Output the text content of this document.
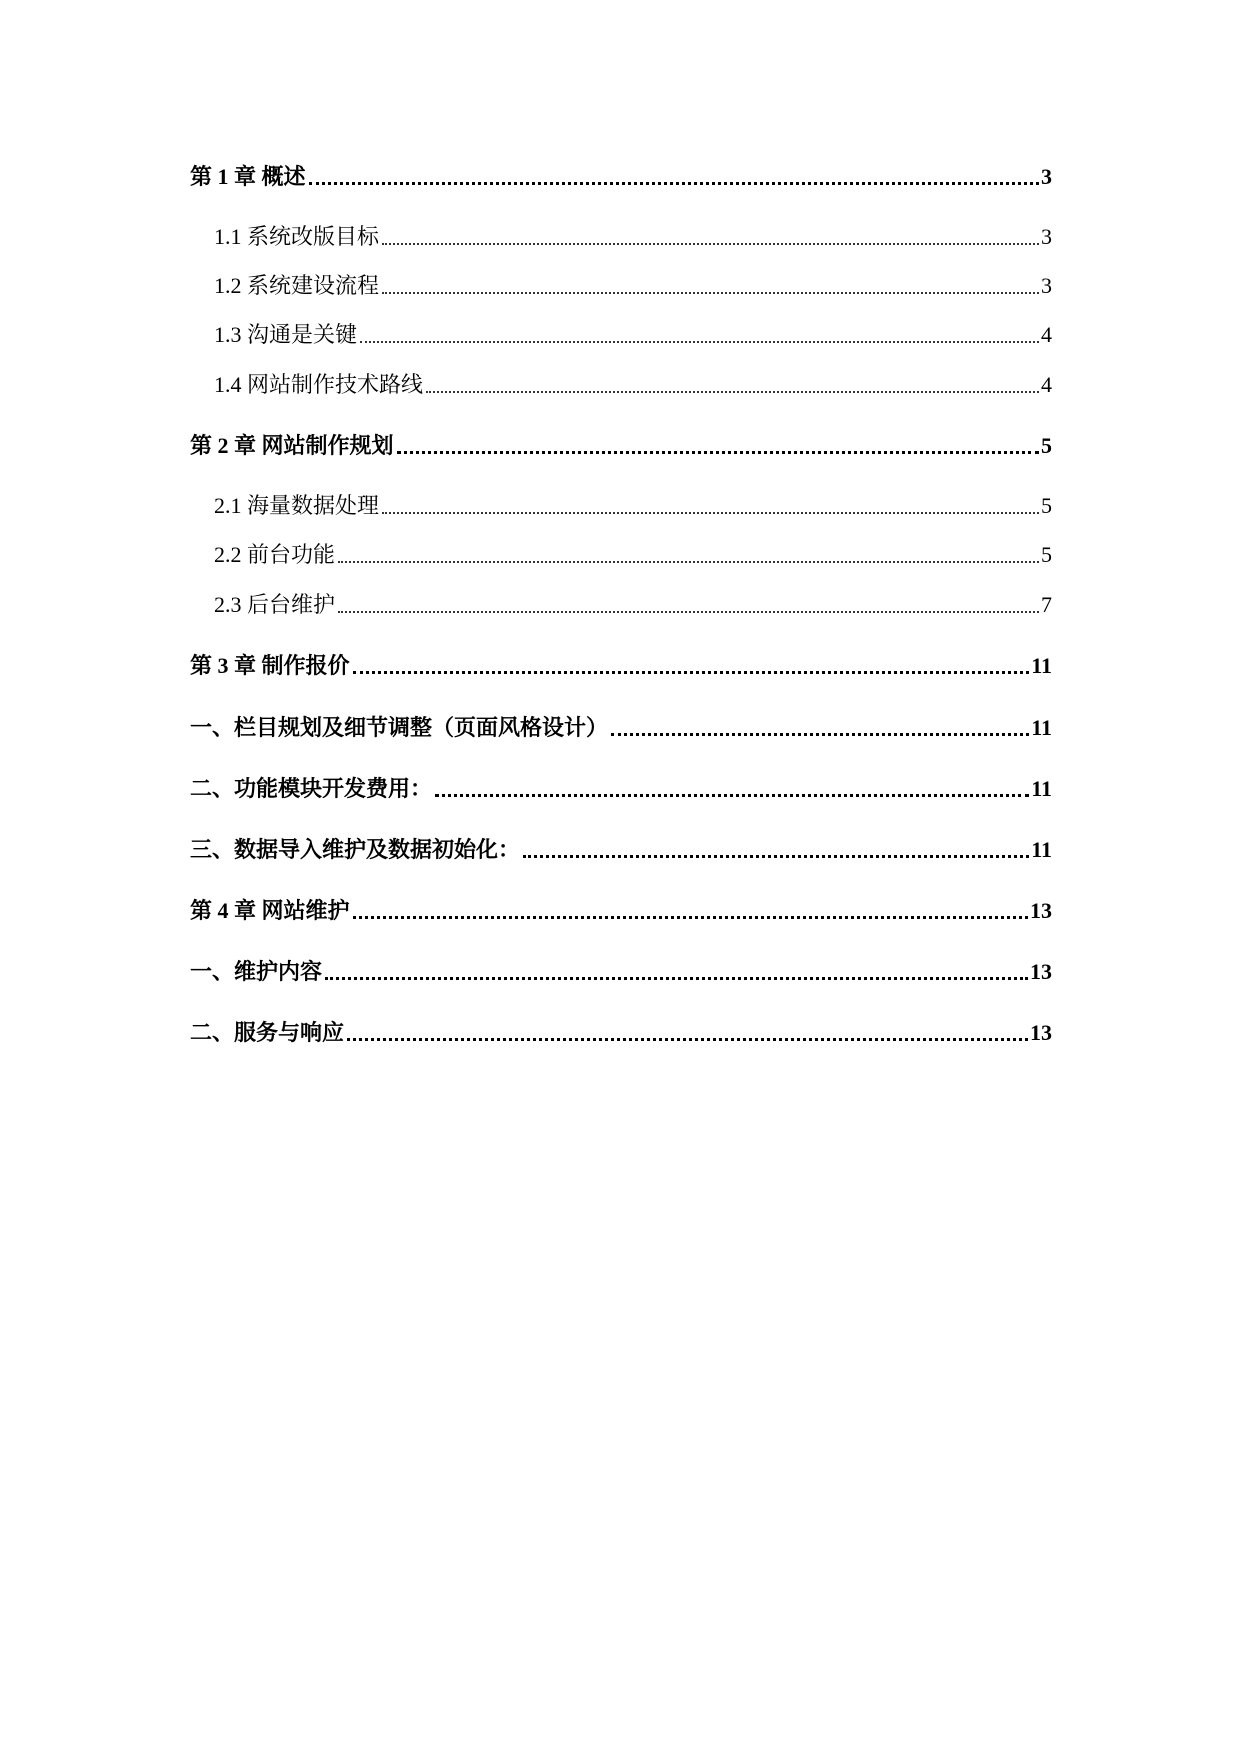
第 1 章 概述	3
1.1 系统改版目标	3
1.2 系统建设流程	3
1.3 沟通是关键	4
1.4 网站制作技术路线	4
第 2 章 网站制作规划	5
2.1 海量数据处理	5
2.2 前台功能	5
2.3 后台维护	7
第 3 章 制作报价	11
一、栏目规划及细节调整（页面风格设计）	11
二、功能模块开发费用：	11
三、数据导入维护及数据初始化：	11
第 4 章 网站维护	13
一、维护内容	13
二、服务与响应	13
